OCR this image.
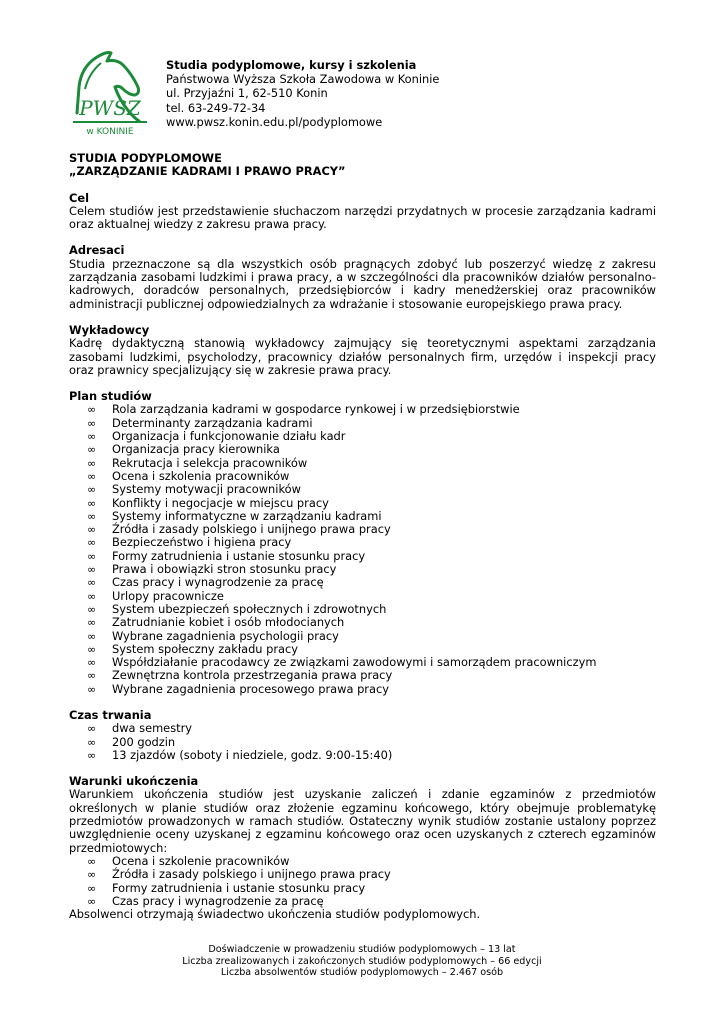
PWSZ
w KONINIE
Studia podyplomowe, kursy i szkolenia
Państwowa Wyższa Szkoła Zawodowa w Koninie
ul. Przyjaźni 1, 62-510 Konin
tel. 63-249-72-34
www.pwsz.konin.edu.pl/podyplomowe
STUDIA PODYPLOMOWE
„ZARZĄDZANIE KADRAMI I PRAWO PRACY”
Cel
Celem studiów jest przedstawienie słuchaczom narzędzi przydatnych w procesie zarządzania kadrami oraz aktualnej wiedzy z zakresu prawa pracy.
Adresaci
Studia przeznaczone są dla wszystkich osób pragnących zdobyć lub poszerzyć wiedzę z zakresu zarządzania zasobami ludzkimi i prawa pracy, a w szczególności dla pracowników działów personalno-kadrowych, doradców personalnych, przedsiębiorców i kadry menedżerskiej oraz pracowników administracji publicznej odpowiedzialnych za wdrażanie i stosowanie europejskiego prawa pracy.
Wykładowcy
Kadrę dydaktyczną stanowią wykładowcy zajmujący się teoretycznymi aspektami zarządzania zasobami ludzkimi, psycholodzy, pracownicy działów personalnych firm, urzędów i inspekcji pracy oraz prawnicy specjalizujący się w zakresie prawa pracy.
Plan studiów
∞ Rola zarządzania kadrami w gospodarce rynkowej i w przedsiębiorstwie
∞ Determinanty zarządzania kadrami
∞ Organizacja i funkcjonowanie działu kadr
∞ Organizacja pracy kierownika
∞ Rekrutacja i selekcja pracowników
∞ Ocena i szkolenia pracowników
∞ Systemy motywacji pracowników
∞ Konflikty i negocjacje w miejscu pracy
∞ Systemy informatyczne w zarządzaniu kadrami
∞ Źródła i zasady polskiego i unijnego prawa pracy
∞ Bezpieczeństwo i higiena pracy
∞ Formy zatrudnienia i ustanie stosunku pracy
∞ Prawa i obowiązki stron stosunku pracy
∞ Czas pracy i wynagrodzenie za pracę
∞ Urlopy pracownicze
∞ System ubezpieczeń społecznych i zdrowotnych
∞ Zatrudnianie kobiet i osób młodocianych
∞ Wybrane zagadnienia psychologii pracy
∞ System społeczny zakładu pracy
∞ Współdziałanie pracodawcy ze związkami zawodowymi i samorządem pracowniczym
∞ Zewnętrzna kontrola przestrzegania prawa pracy
∞ Wybrane zagadnienia procesowego prawa pracy
Czas trwania
∞ dwa semestry
∞ 200 godzin
∞ 13 zjazdów (soboty i niedziele, godz. 9:00-15:40)
Warunki ukończenia
Warunkiem ukończenia studiów jest uzyskanie zaliczeń i zdanie egzaminów z przedmiotów określonych w planie studiów oraz złożenie egzaminu końcowego, który obejmuje problematykę przedmiotów prowadzonych w ramach studiów. Ostateczny wynik studiów zostanie ustalony poprzez uwzględnienie oceny uzyskanej z egzaminu końcowego oraz ocen uzyskanych z czterech egzaminów przedmiotowych:
∞ Ocena i szkolenie pracowników
∞ Źródła i zasady polskiego i unijnego prawa pracy
∞ Formy zatrudnienia i ustanie stosunku pracy
∞ Czas pracy i wynagrodzenie za pracę
Absolwenci otrzymają świadectwo ukończenia studiów podyplomowych.
Doświadczenie w prowadzeniu studiów podyplomowych – 13 lat
Liczba zrealizowanych i zakończonych studiów podyplomowych – 66 edycji
Liczba absolwentów studiów podyplomowych – 2.467 osób
